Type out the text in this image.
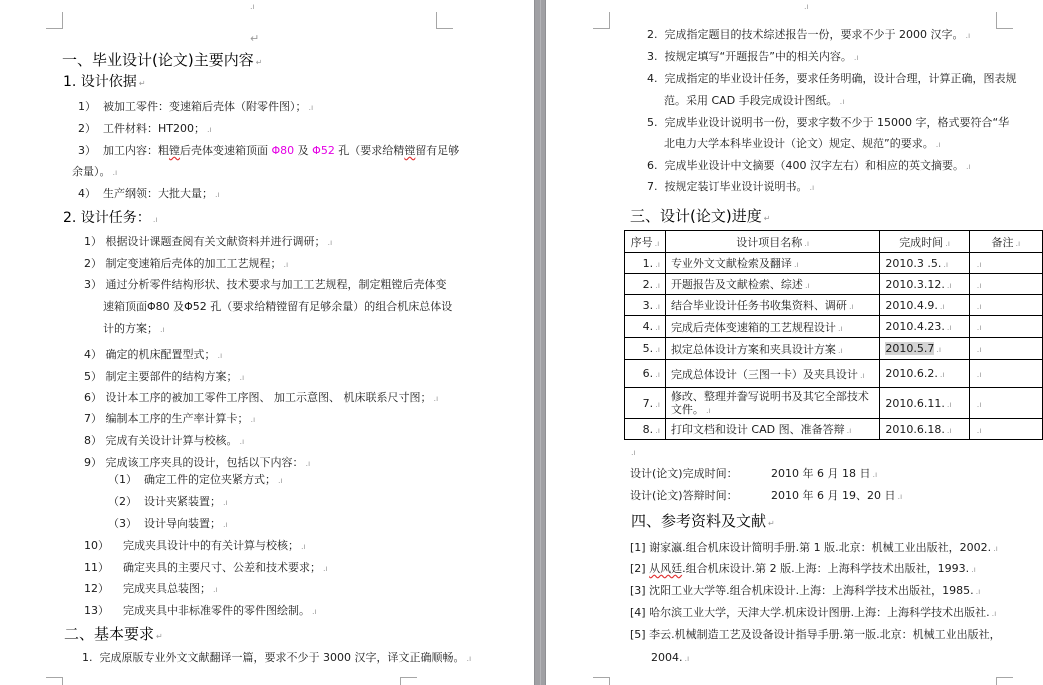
.ı
↵
一、毕业设计(论文)主要内容 ↵
1. 设计依据 ↵
1） 被加工零件：变速箱后壳体（附零件图）； .ı
2） 工件材料：HT200； .ı
3） 加工内容：粗镗后壳体变速箱顶面 Φ80 及 Φ52 孔（要求给精镗留有足够
余量）。 .ı
4） 生产纲领：大批大量； .ı
2. 设计任务： .ı
1） 根据设计课题查阅有关文献资料并进行调研； .ı
2） 制定变速箱后壳体的加工工艺规程； .ı
3） 通过分析零件结构形状、技术要求与加工工艺规程，制定粗镗后壳体变
速箱顶面Φ80 及Φ52 孔（要求给精镗留有足够余量）的组合机床总体设
计的方案； .ı
4） 确定的机床配置型式； .ı
5） 制定主要部件的结构方案； .ı
6） 设计本工序的被加工零件工序图、 加工示意图、 机床联系尺寸图； .ı
7） 编制本工序的生产率计算卡； .ı
8） 完成有关设计计算与校核。 .ı
9） 完成该工序夹具的设计，包括以下内容： .ı
（1） 确定工件的定位夹紧方式； .ı
（2） 设计夹紧装置； .ı
（3） 设计导向装置； .ı
10） 完成夹具设计中的有关计算与校核； .ı
11） 确定夹具的主要尺寸、公差和技术要求； .ı
12） 完成夹具总装图； .ı
13） 完成夹具中非标准零件的零件图绘制。 .ı
二、基本要求 ↵
1. 完成原版专业外文文献翻译一篇，要求不少于 3000 汉字，译文正确顺畅。 .ı
.ı
2. 完成指定题目的技术综述报告一份，要求不少于 2000 汉字。 .ı
3. 按规定填写“开题报告”中的相关内容。 .ı
4. 完成指定的毕业设计任务，要求任务明确，设计合理，计算正确，图表规
范。采用 CAD 手段完成设计图纸。 .ı
5. 完成毕业设计说明书一份，要求字数不少于 15000 字，格式要符合“华
北电力大学本科毕业设计（论文）规定、规范”的要求。 .ı
6. 完成毕业设计中文摘要（400 汉字左右）和相应的英文摘要。 .ı
7. 按规定装订毕业设计说明书。 .ı
三、设计(论文)进度 ↵
序号 .ı	设计项目名称 .ı	完成时间 .ı	备注 .ı
1. .ı	专业外文文献检索及翻译 .ı	2010.3 .5. .ı	.ı
2. .ı	开题报告及文献检索、综述 .ı	2010.3.12. .ı	.ı
3. .ı	结合毕业设计任务书收集资料、调研 .ı	2010.4.9. .ı	.ı
4. .ı	完成后壳体变速箱的工艺规程设计 .ı	2010.4.23. .ı	.ı
5. .ı	拟定总体设计方案和夹具设计方案 .ı	2010.5.7 .ı	.ı
6. .ı	完成总体设计（三图一卡）及夹具设计 .ı	2010.6.2. .ı	.ı
7. .ı	修改、整理并誊写说明书及其它全部技术文件。 .ı	2010.6.11. .ı	.ı
8. .ı	打印文档和设计 CAD 图、准备答辩 .ı	2010.6.18. .ı	.ı
.ı
设计(论文)完成时间：	2010 年 6 月 18 日 .ı
设计(论文)答辩时间：	2010 年 6 月 19、20 日 .ı
四、参考资料及文献 ↵
[1] 谢家瀛.组合机床设计简明手册.第 1 版.北京：机械工业出版社，2002. .ı
[2] 从风廷.组合机床设计.第 2 版.上海：上海科学技术出版社，1993. .ı
[3] 沈阳工业大学等.组合机床设计.上海：上海科学技术出版社，1985. .ı
[4] 哈尔滨工业大学，天津大学.机床设计图册.上海：上海科学技术出版社. .ı
[5] 李云.机械制造工艺及设备设计指导手册.第一版.北京：机械工业出版社，
2004. .ı
